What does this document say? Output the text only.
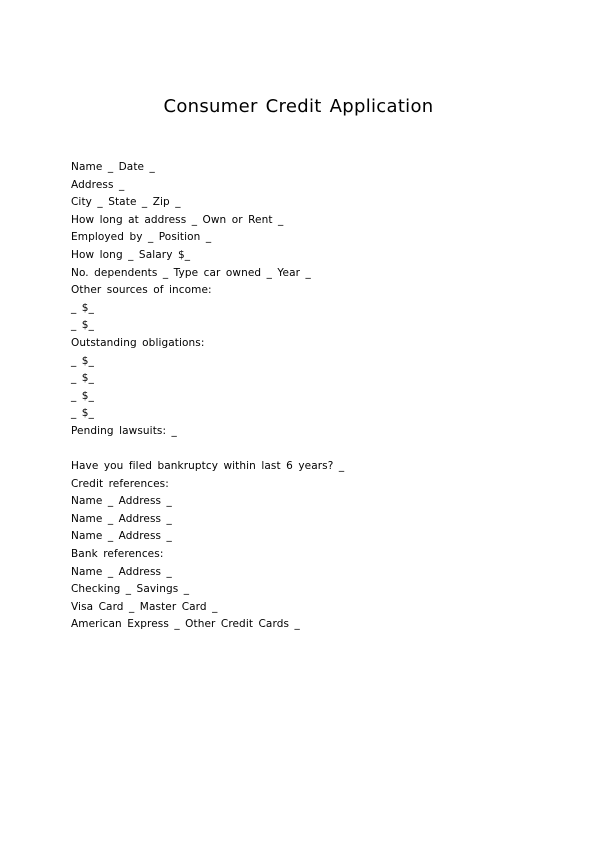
Consumer Credit Application
Name _ Date _
Address _
City _ State _ Zip _
How long at address _ Own or Rent _
Employed by _ Position _
How long _ Salary $_
No. dependents _ Type car owned _ Year _
Other sources of income:
_ $_
_ $_
Outstanding obligations:
_ $_
_ $_
_ $_
_ $_
Pending lawsuits: _
Have you filed bankruptcy within last 6 years? _
Credit references:
Name _ Address _
Name _ Address _
Name _ Address _
Bank references:
Name _ Address _
Checking _ Savings _
Visa Card _ Master Card _
American Express _ Other Credit Cards _
